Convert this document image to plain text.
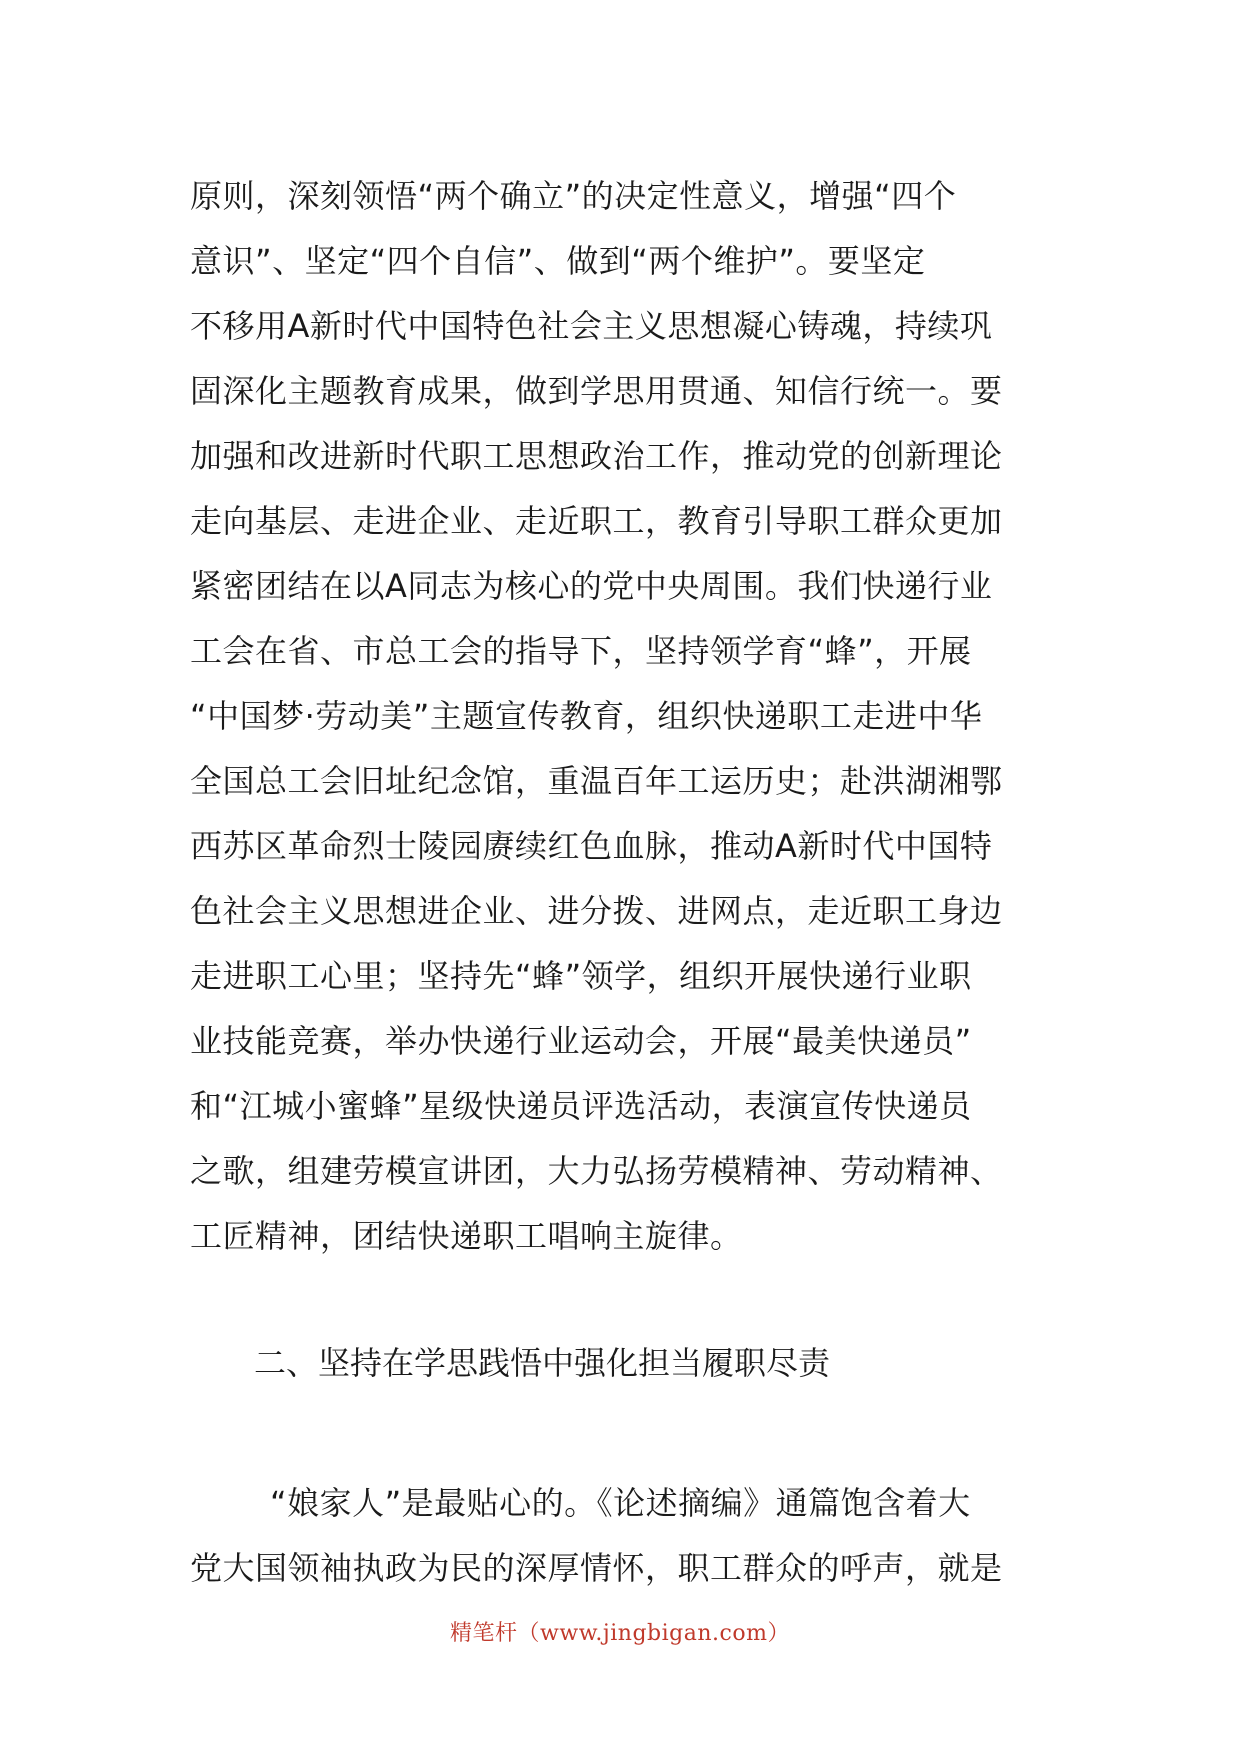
原则，深刻领悟“两个确立”的决定性意义，增强“四个
意识”、坚定“四个自信”、做到“两个维护”。要坚定
不移用A新时代中国特色社会主义思想凝心铸魂，持续巩
固深化主题教育成果，做到学思用贯通、知信行统一。要
加强和改进新时代职工思想政治工作，推动党的创新理论
走向基层、走进企业、走近职工，教育引导职工群众更加
紧密团结在以A同志为核心的党中央周围。我们快递行业
工会在省、市总工会的指导下，坚持领学育“蜂”，开展
“中国梦·劳动美”主题宣传教育，组织快递职工走进中华
全国总工会旧址纪念馆，重温百年工运历史；赴洪湖湘鄂
西苏区革命烈士陵园赓续红色血脉，推动A新时代中国特
色社会主义思想进企业、进分拨、进网点，走近职工身边
走进职工心里；坚持先“蜂”领学，组织开展快递行业职
业技能竞赛，举办快递行业运动会，开展“最美快递员”
和“江城小蜜蜂”星级快递员评选活动，表演宣传快递员
之歌，组建劳模宣讲团，大力弘扬劳模精神、劳动精神、
工匠精神，团结快递职工唱响主旋律。
二、坚持在学思践悟中强化担当履职尽责
“娘家人”是最贴心的。《论述摘编》通篇饱含着大
党大国领袖执政为民的深厚情怀，职工群众的呼声，就是
精笔杆（www.jingbigan.com）
